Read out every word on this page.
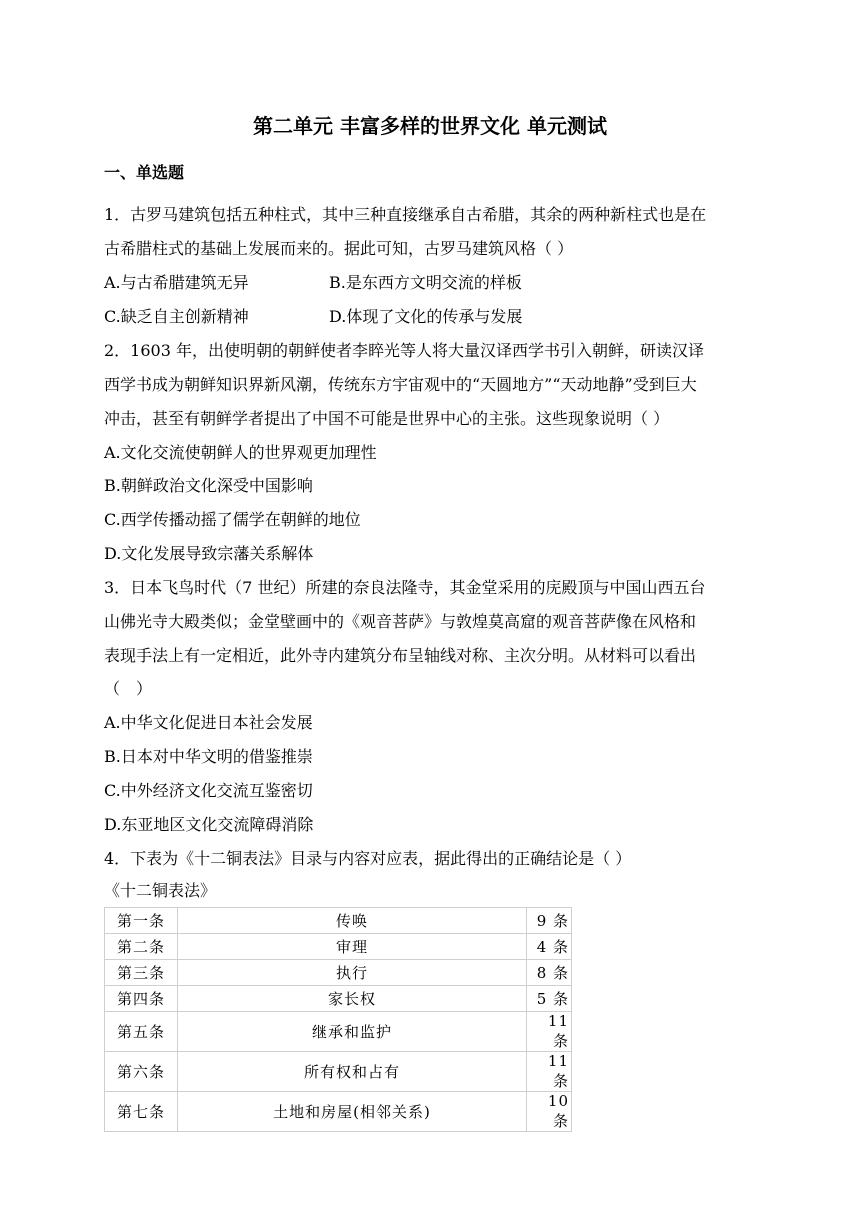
第二单元 丰富多样的世界文化 单元测试
一、单选题
1．古罗马建筑包括五种柱式，其中三种直接继承自古希腊，其余的两种新柱式也是在
古希腊柱式的基础上发展而来的。据此可知，古罗马建筑风格（ ）
A.与古希腊建筑无异	B.是东西方文明交流的样板
C.缺乏自主创新精神	D.体现了文化的传承与发展
2．1603 年，出使明朝的朝鲜使者李睟光等人将大量汉译西学书引入朝鲜，研读汉译
西学书成为朝鲜知识界新风潮，传统东方宇宙观中的“天圆地方”“天动地静”受到巨大
冲击，甚至有朝鲜学者提出了中国不可能是世界中心的主张。这些现象说明（ ）
A.文化交流使朝鲜人的世界观更加理性
B.朝鲜政治文化深受中国影响
C.西学传播动摇了儒学在朝鲜的地位
D.文化发展导致宗藩关系解体
3．日本飞鸟时代（7 世纪）所建的奈良法隆寺，其金堂采用的庑殿顶与中国山西五台
山佛光寺大殿类似；金堂壁画中的《观音菩萨》与敦煌莫高窟的观音菩萨像在风格和
表现手法上有一定相近，此外寺内建筑分布呈轴线对称、主次分明。从材料可以看出
（　）
A.中华文化促进日本社会发展
B.日本对中华文明的借鉴推崇
C.中外经济文化交流互鉴密切
D.东亚地区文化交流障碍消除
4．下表为《十二铜表法》目录与内容对应表，据此得出的正确结论是（ ）
《十二铜表法》
第一条	传唤	9 条
第二条	审理	4 条
第三条	执行	8 条
第四条	家长权	5 条
第五条	继承和监护	11 条
第六条	所有权和占有	11 条
第七条	土地和房屋(相邻关系)	10 条
